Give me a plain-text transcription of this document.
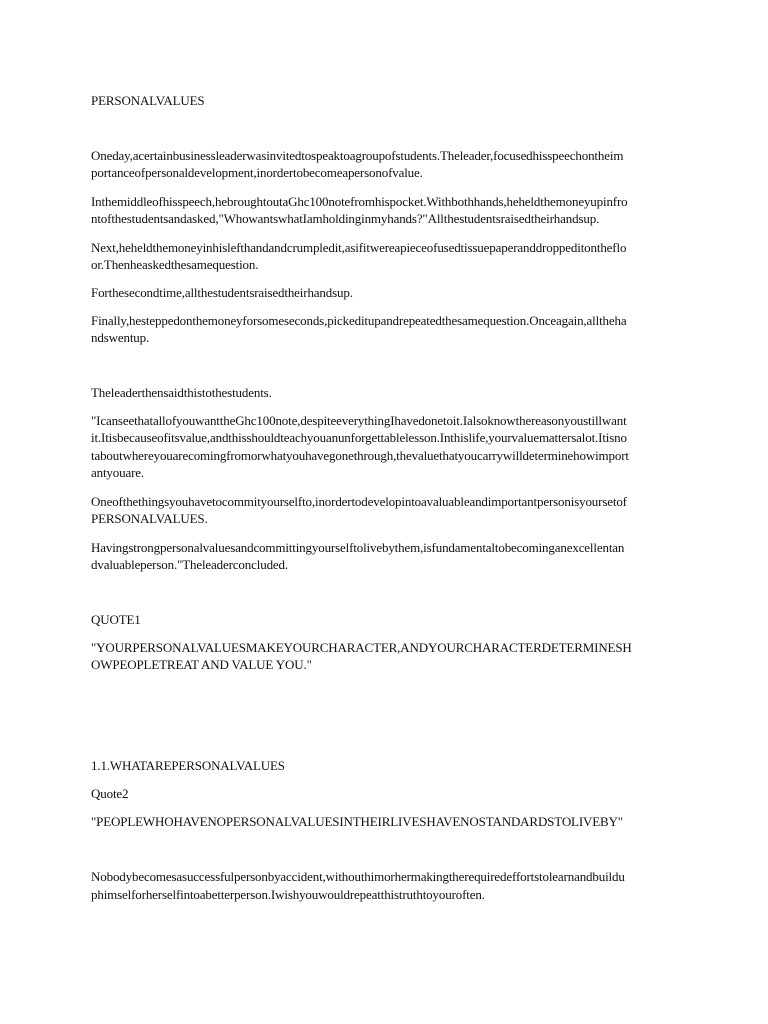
PERSONALVALUES
Oneday,acertainbusinessleaderwasinvitedtospeaktoagroupofstudents.Theleader,focusedhisspeechontheim
portanceofpersonaldevelopment,inordertobecomeapersonofvalue.
Inthemiddleofhisspeech,hebroughtoutaGhc100notefromhispocket.Withbothhands,heheldthemoneyupinfro
ntofthestudentsandasked,"WhowantswhatIamholdinginmyhands?"Allthestudentsraisedtheirhandsup.
Next,heheldthemoneyinhislefthandandcrumpledit,asifitwereapieceofusedtissuepaperanddroppeditontheflo
or.Thenheaskedthesamequestion.
Forthesecondtime,allthestudentsraisedtheirhandsup.
Finally,hesteppedonthemoneyforsomeseconds,pickeditupandrepeatedthesamequestion.Onceagain,alltheha
ndswentup.
Theleaderthensaidthistothestudents.
"IcanseethatallofyouwanttheGhc100note,despiteeverythingIhavedonetoit.Ialsoknowthereasonyoustillwant
it.Itisbecauseofitsvalue,andthisshouldteachyouanunforgettablelesson.Inthislife,yourvaluemattersalot.Itisno
taboutwhereyouarecomingfromorwhatyouhavegonethrough,thevaluethatyoucarrywilldeterminehowimport
antyouare.
Oneofthethingsyouhavetocommityourselfto,inordertodevelopintoavaluableandimportantpersonisyoursetof
PERSONALVALUES.
Havingstrongpersonalvaluesandcommittingyourselftolivebythem,isfundamentaltobecominganexcellentan
dvaluableperson."Theleaderconcluded.
QUOTE1
"YOURPERSONALVALUESMAKEYOURCHARACTER,ANDYOURCHARACTERDETERMINESH
OWPEOPLETREAT AND VALUE YOU."
1.1.WHATAREPERSONALVALUES
Quote2
"PEOPLEWHOHAVENOPERSONALVALUESINTHEIRLIVESHAVENOSTANDARDSTOLIVEBY"
Nobodybecomesasuccessfulpersonbyaccident,withouthimorhermakingtherequiredeffortstolearnandbuildu
phimselforherselfintoabetterperson.Iwishyouwouldrepeatthistruthtoyouroften.
